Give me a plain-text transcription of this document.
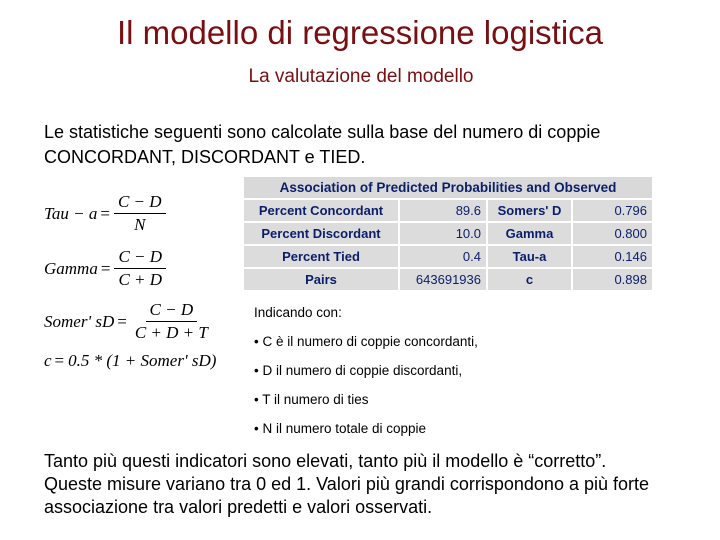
Il modello di regressione logistica
La valutazione del modello
Le statistiche seguenti sono calcolate sulla base del numero di coppie
CONCORDANT, DISCORDANT e TIED.
Tau − $a = \frac{C - D}{N}$
Gamma = $\frac{C - D}{C + D}$
Somer' sD = $\frac{C - D}{C + D + T}$
c = 0.5 * (1 + Somer' sD)
Association of Predicted Probabilities and Observed			
Percent Concordant	89.6	Somers' D	0.796
Percent Discordant	10.0	Gamma	0.800
Percent Tied	0.4	Tau-a	0.146
Pairs	643691936	c	0.898
Indicando con:
• C è il numero di coppie concordanti,
• D il numero di coppie discordanti,
• T il numero di ties
• N il numero totale di coppie
Tanto più questi indicatori sono elevati, tanto più il modello è “corretto”.
Queste misure variano tra 0 ed 1. Valori più grandi corrispondono a più forte
associazione tra valori predetti e valori osservati.
